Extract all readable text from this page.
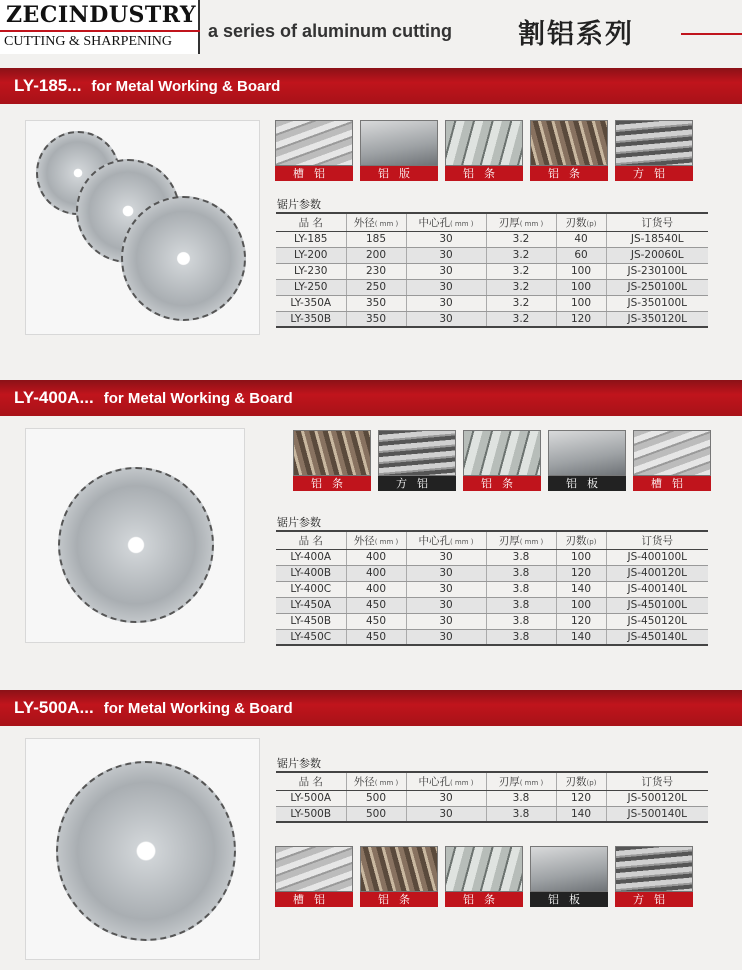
ZECINDUSTRY
CUTTING & SHARPENING
a series of aluminum cutting 割铝系列
LY-185... for Metal Working & Board
槽铝	铝版	铝条	铝条	方铝
锯片参数
品 名	外径( mm )	中心孔( mm )	刃厚( mm )	刃数(p)	订货号
LY-185	185	30	3.2	40	JS-18540L
LY-200	200	30	3.2	60	JS-20060L
LY-230	230	30	3.2	100	JS-230100L
LY-250	250	30	3.2	100	JS-250100L
LY-350A	350	30	3.2	100	JS-350100L
LY-350B	350	30	3.2	120	JS-350120L
LY-400A... for Metal Working & Board
铝条	方铝	铝条	铝板	槽铝
锯片参数
品 名	外径( mm )	中心孔( mm )	刃厚( mm )	刃数(p)	订货号
LY-400A	400	30	3.8	100	JS-400100L
LY-400B	400	30	3.8	120	JS-400120L
LY-400C	400	30	3.8	140	JS-400140L
LY-450A	450	30	3.8	100	JS-450100L
LY-450B	450	30	3.8	120	JS-450120L
LY-450C	450	30	3.8	140	JS-450140L
LY-500A... for Metal Working & Board
锯片参数
品 名	外径( mm )	中心孔( mm )	刃厚( mm )	刃数(p)	订货号
LY-500A	500	30	3.8	120	JS-500120L
LY-500B	500	30	3.8	140	JS-500140L
槽铝	铝条	铝条	铝板	方铝
